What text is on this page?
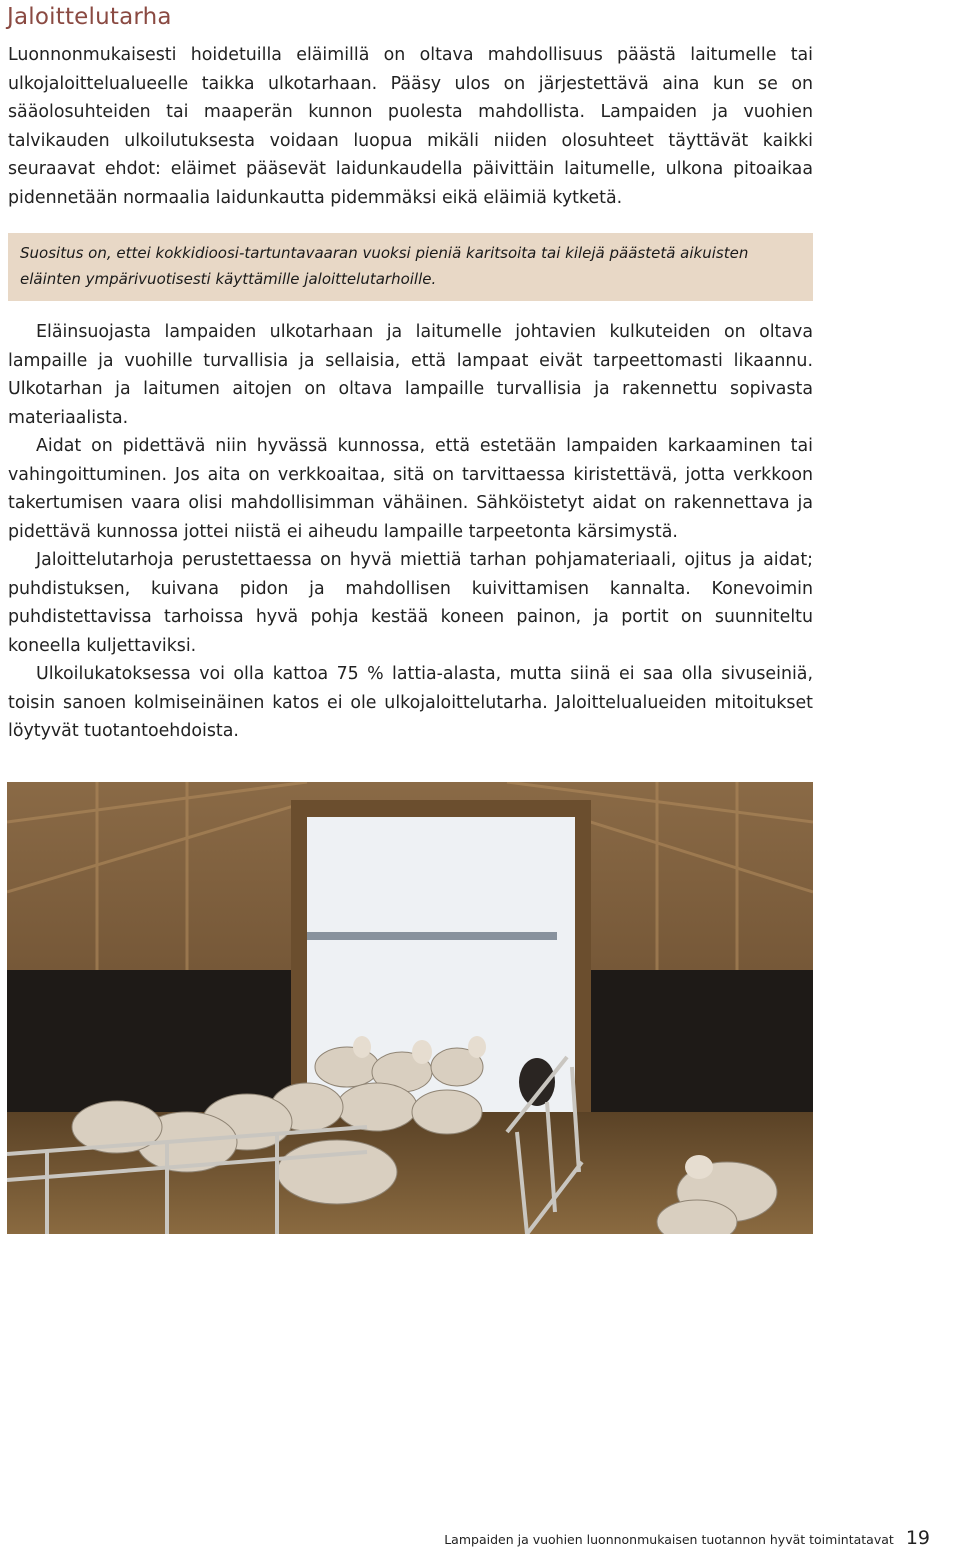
Jaloittelutarha

Luonnonmukaisesti hoidetuilla eläimillä on oltava mahdollisuus päästä laitumelle tai ulkojaloittelualueelle taikka ulkotarhaan. Pääsy ulos on järjestettävä aina kun se on sääolosuhteiden tai maaperän kunnon puolesta mahdollista. Lampaiden ja vuohien talvikauden ulkoilutuksesta voidaan luopua mikäli niiden olosuhteet täyttävät kaikki seuraavat ehdot: eläimet pääsevät laidunkaudella päivittäin laitumelle, ulkona pitoaikaa pidennetään normaalia laidunkautta pidemmäksi eikä eläimiä kytketä.

Suositus on, ettei kokkidioosi-tartuntavaaran vuoksi pieniä karitsoita tai kilejä päästetä aikuisten eläinten ympärivuotisesti käyttämille jaloittelutarhoille.

Eläinsuojasta lampaiden ulkotarhaan ja laitumelle johtavien kulkuteiden on oltava lampaille ja vuohille turvallisia ja sellaisia, että lampaat eivät tarpeettomasti likaannu. Ulkotarhan ja laitumen aitojen on oltava lampaille turvallisia ja rakennettu sopivasta materiaalista.

Aidat on pidettävä niin hyvässä kunnossa, että estetään lampaiden karkaaminen tai vahingoittuminen. Jos aita on verkkoaitaa, sitä on tarvittaessa kiristettävä, jotta verkkoon takertumisen vaara olisi mahdollisimman vähäinen. Sähköistetyt aidat on rakennettava ja pidettävä kunnossa jottei niistä ei aiheudu lampaille tarpeetonta kärsimystä.

Jaloittelutarhoja perustettaessa on hyvä miettiä tarhan pohjamateriaali, ojitus ja aidat; puhdistuksen, kuivana pidon ja mahdollisen kuivittamisen kannalta. Konevoimin puhdistettavissa tarhoissa hyvä pohja kestää koneen painon, ja portit on suunniteltu koneella kuljettaviksi.

Ulkoilukatoksessa voi olla kattoa 75 % lattia-alasta, mutta siinä ei saa olla sivuseiniä, toisin sanoen kolmiseinäinen katos ei ole ulkojaloittelutarha. Jaloittelualueiden mitoitukset löytyvät tuotantoehdoista.

Lampaiden ja vuohien luonnonmukaisen tuotannon hyvät toimintatavat 19
